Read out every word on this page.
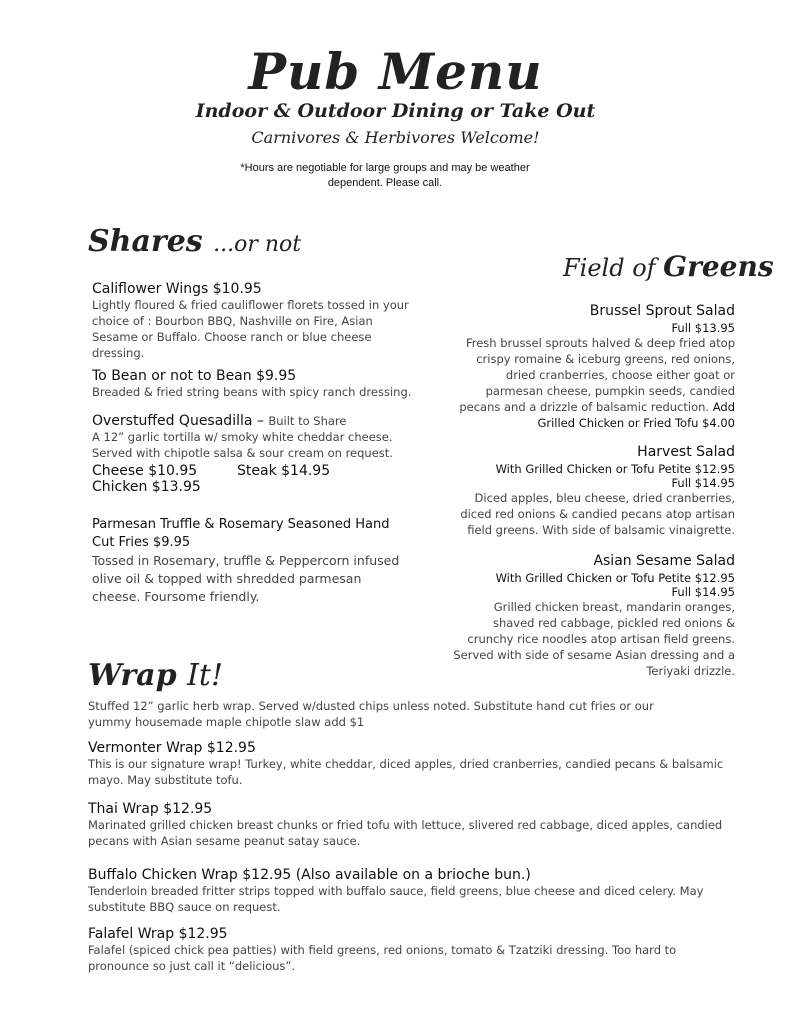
Pub Menu
Indoor & Outdoor Dining or Take Out
Carnivores & Herbivores Welcome!
*Hours are negotiable for large groups and may be weather dependent. Please call.
Shares ...or not
Califlower Wings $10.95
Lightly floured & fried cauliflower florets tossed in your choice of : Bourbon BBQ, Nashville on Fire, Asian Sesame or Buffalo. Choose ranch or blue cheese dressing.
To Bean or not to Bean $9.95
Breaded & fried string beans with spicy ranch dressing.
Overstuffed Quesadilla – Built to Share
A 12” garlic tortilla w/ smoky white cheddar cheese. Served with chipotle salsa & sour cream on request.
Cheese $10.95	Steak $14.95
Chicken $13.95
Parmesan Truffle & Rosemary Seasoned Hand Cut Fries $9.95
Tossed in Rosemary, truffle & Peppercorn infused olive oil & topped with shredded parmesan cheese. Foursome friendly.
Field of Greens
Brussel Sprout Salad
Full $13.95
Fresh brussel sprouts halved & deep fried atop crispy romaine & iceburg greens, red onions, dried cranberries, choose either goat or parmesan cheese, pumpkin seeds, candied pecans and a drizzle of balsamic reduction. Add Grilled Chicken or Fried Tofu $4.00
Harvest Salad
With Grilled Chicken or Tofu Petite $12.95
Full $14.95
Diced apples, bleu cheese, dried cranberries, diced red onions & candied pecans atop artisan field greens. With side of balsamic vinaigrette.
Asian Sesame Salad
With Grilled Chicken or Tofu Petite $12.95
Full $14.95
Grilled chicken breast, mandarin oranges, shaved red cabbage, pickled red onions & crunchy rice noodles atop artisan field greens. Served with side of sesame Asian dressing and a Teriyaki drizzle.
Wrap It!
Stuffed 12” garlic herb wrap. Served w/dusted chips unless noted. Substitute hand cut fries or our yummy housemade maple chipotle slaw add $1
Vermonter Wrap $12.95
This is our signature wrap! Turkey, white cheddar, diced apples, dried cranberries, candied pecans & balsamic mayo. May substitute tofu.
Thai Wrap $12.95
Marinated grilled chicken breast chunks or fried tofu with lettuce, slivered red cabbage, diced apples, candied pecans with Asian sesame peanut satay sauce.
Buffalo Chicken Wrap $12.95 (Also available on a brioche bun.)
Tenderloin breaded fritter strips topped with buffalo sauce, field greens, blue cheese and diced celery. May substitute BBQ sauce on request.
Falafel Wrap $12.95
Falafel (spiced chick pea patties) with field greens, red onions, tomato & Tzatziki dressing. Too hard to pronounce so just call it “delicious”.
